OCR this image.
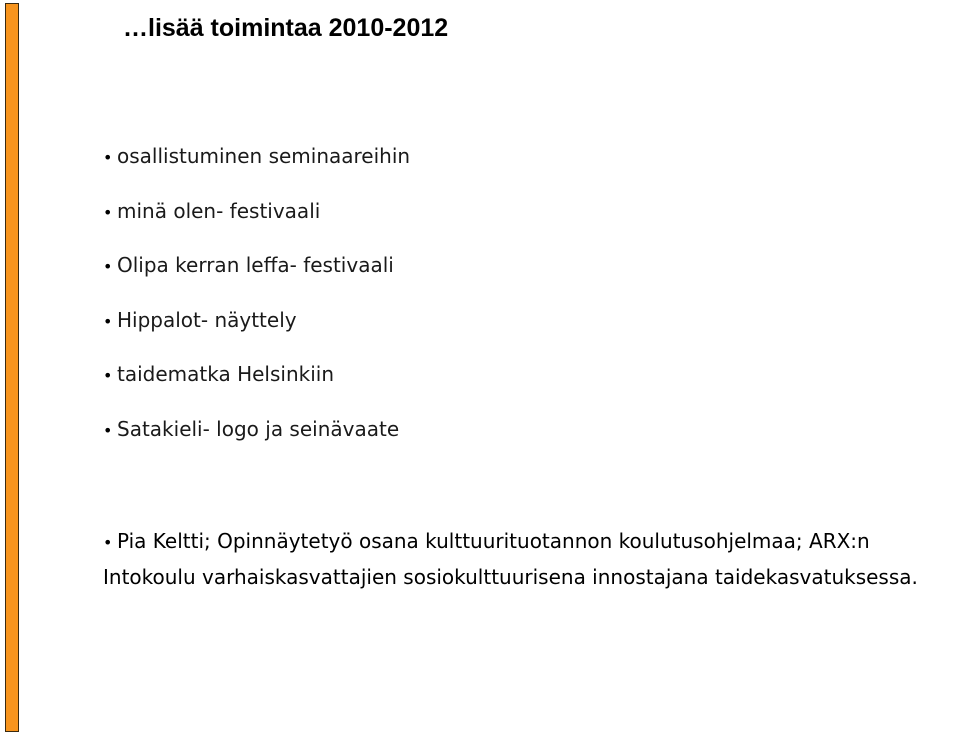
…lisää toimintaa 2010-2012
• osallistuminen seminaareihin
• minä olen- festivaali
• Olipa kerran leffa- festivaali
• Hippalot- näyttely
• taidematka Helsinkiin
• Satakieli- logo ja seinävaate

• Pia Keltti; Opinnäytetyö osana kulttuurituotannon koulutusohjelmaa; ARX:n Intokoulu varhaiskasvattajien sosiokulttuurisena innostajana taidekasvatuksessa.
